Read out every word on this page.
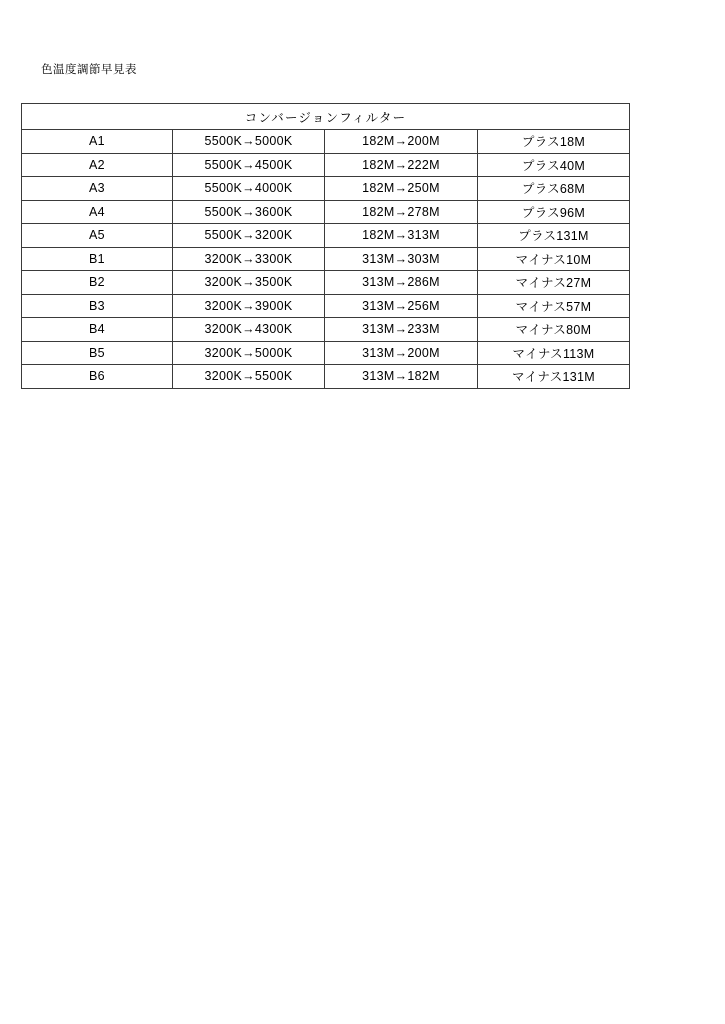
色温度調節早見表
コンバージョンフィルター			
A1	5500K→5000K	182M→200M	プラス18M
A2	5500K→4500K	182M→222M	プラス40M
A3	5500K→4000K	182M→250M	プラス68M
A4	5500K→3600K	182M→278M	プラス96M
A5	5500K→3200K	182M→313M	プラス131M
B1	3200K→3300K	313M→303M	マイナス10M
B2	3200K→3500K	313M→286M	マイナス27M
B3	3200K→3900K	313M→256M	マイナス57M
B4	3200K→4300K	313M→233M	マイナス80M
B5	3200K→5000K	313M→200M	マイナス113M
B6	3200K→5500K	313M→182M	マイナス131M
